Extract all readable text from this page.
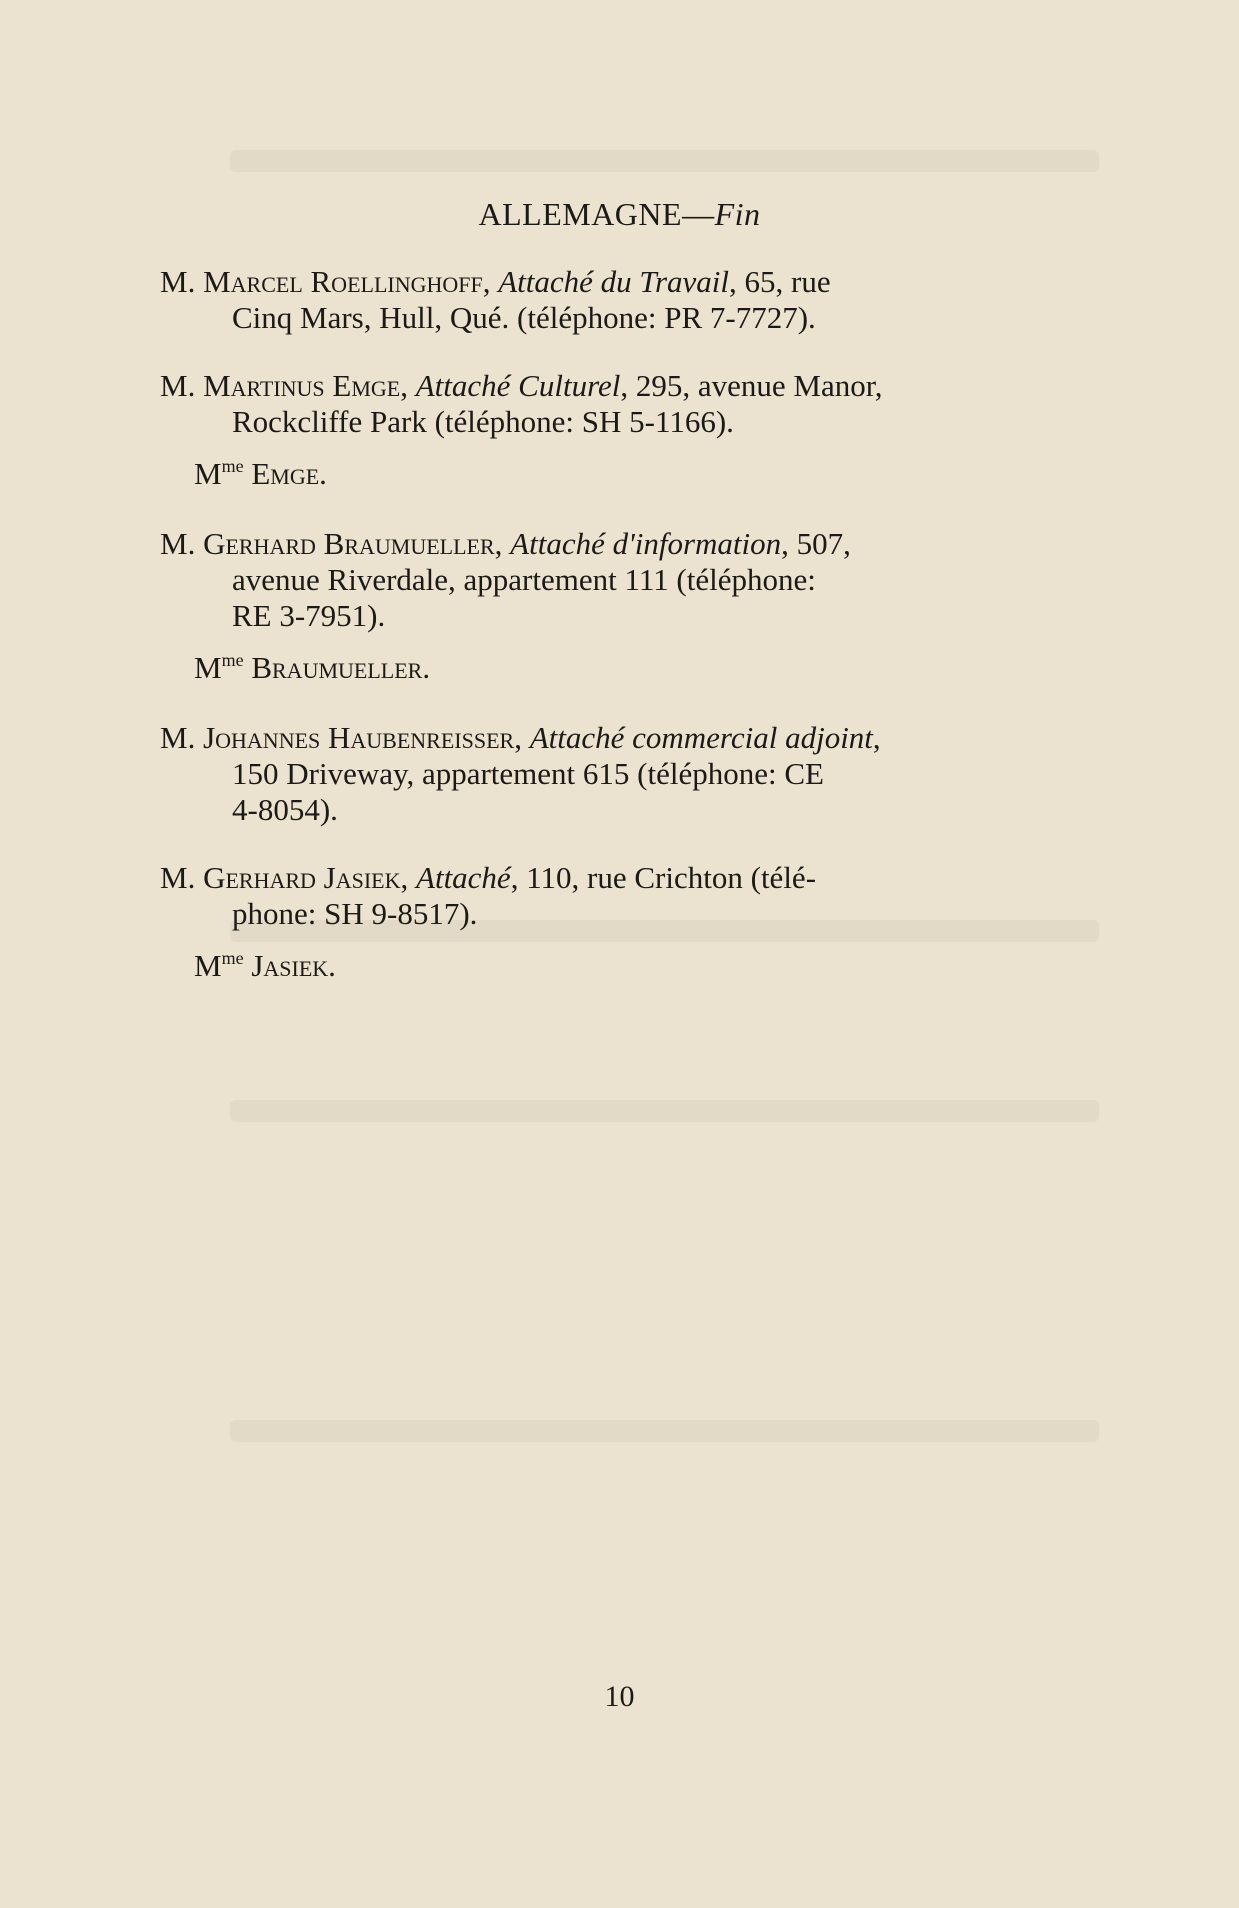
ALLEMAGNE—Fin
M. Marcel Roellinghoff, Attaché du Travail, 65, rue
Cinq Mars, Hull, Qué. (téléphone: PR 7-7727).
M. Martinus Emge, Attaché Culturel, 295, avenue Manor,
Rockcliffe Park (téléphone: SH 5-1166).
$M^{me}$ Emge.
M. Gerhard Braumueller, Attaché d'information, 507,
avenue Riverdale, appartement 111 (téléphone:
RE 3-7951).
$M^{me}$ Braumueller.
M. Johannes Haubenreisser, Attaché commercial adjoint,
150 Driveway, appartement 615 (téléphone: CE
4-8054).
M. Gerhard Jasiek, Attaché, 110, rue Crichton (télé-
phone: SH 9-8517).
$M^{me}$ Jasiek.
10
